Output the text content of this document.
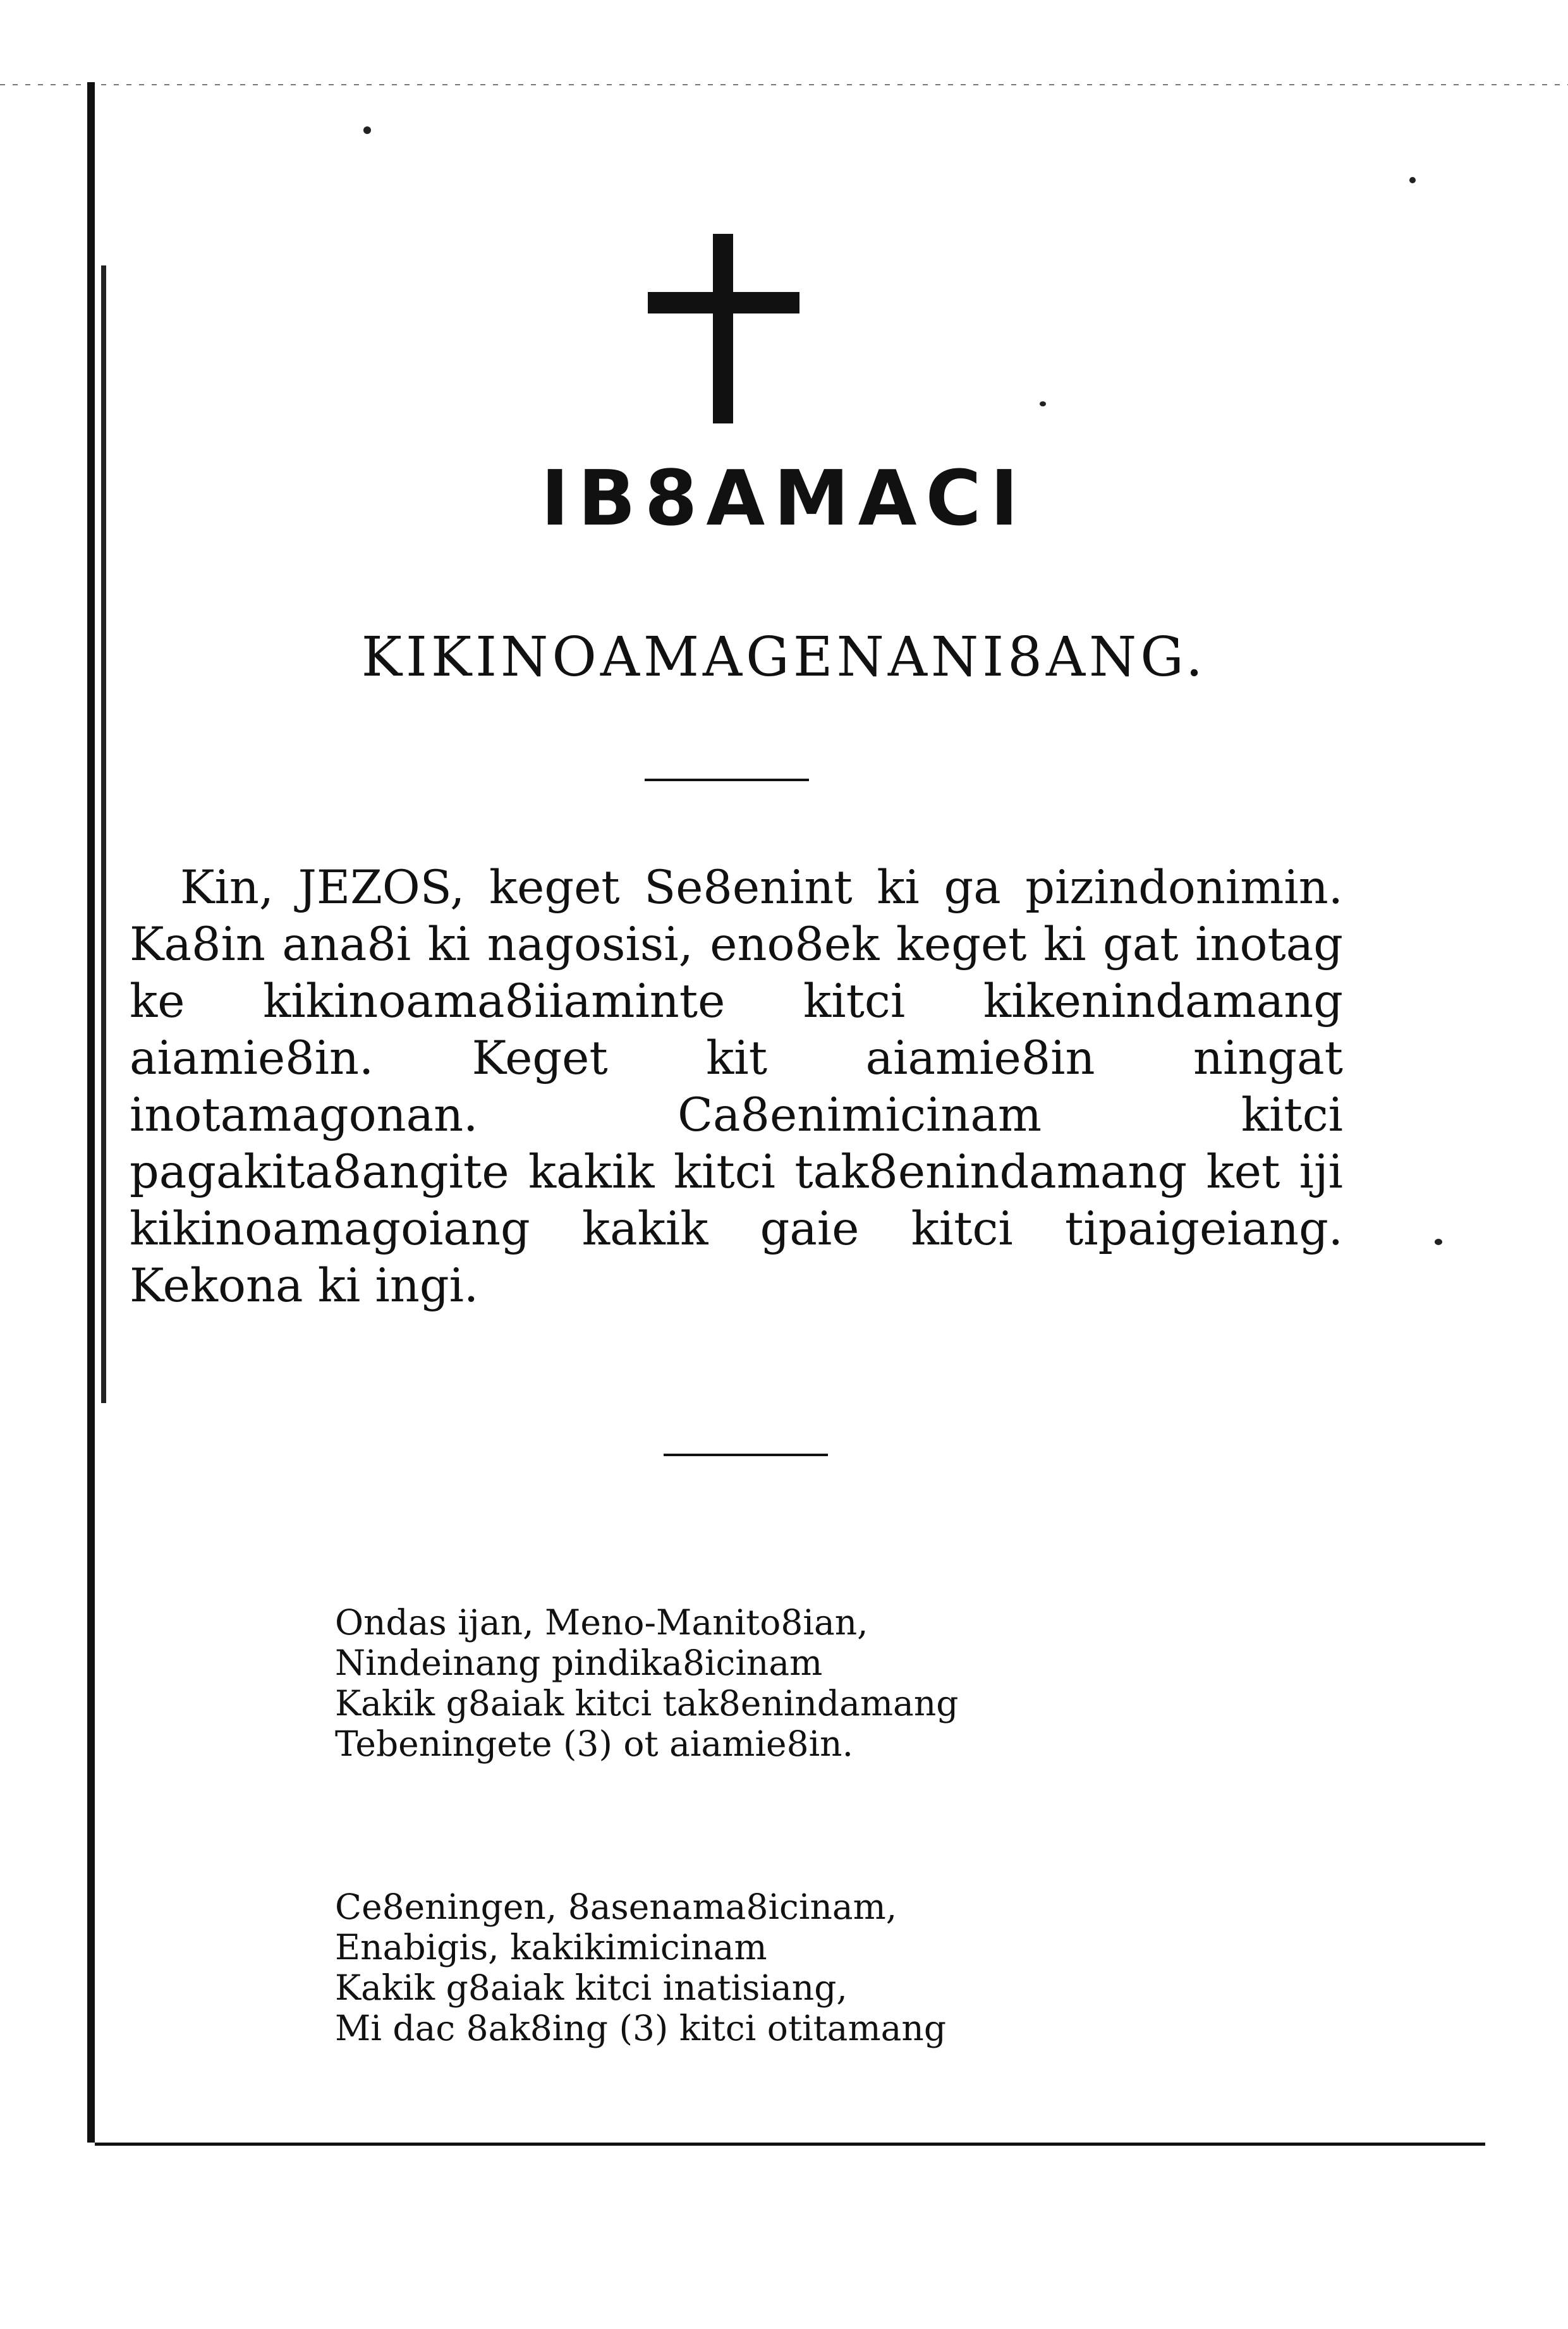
IB8AMACI
KIKINOAMAGENANI8ANG.

Kin, JEZOS, keget Se8enint ki ga pizindonimin. Ka8in ana8i ki nagosisi, eno8ek keget ki gat inotag ke kikinoama8iiaminte kitci kikenindamang aiamie8in. Keget kit aiamie8in ningat inotamagonan. Ca8enimicinam kitci pagakita8angite kakik kitci tak8enindamang ket iji kikinoamagoiang kakik gaie kitci tipaigeiang. Kekona ki ingi.

Ondas ijan, Meno-Manito8ian,
Nindeinang pindika8icinam
Kakik g8aiak kitci tak8enindamang
Tebeningete (3) ot aiamie8in.
Ce8eningen, 8asenama8icinam,
Enabigis, kakikimicinam
Kakik g8aiak kitci inatisiang,
Mi dac 8ak8ing (3) kitci otitamang
